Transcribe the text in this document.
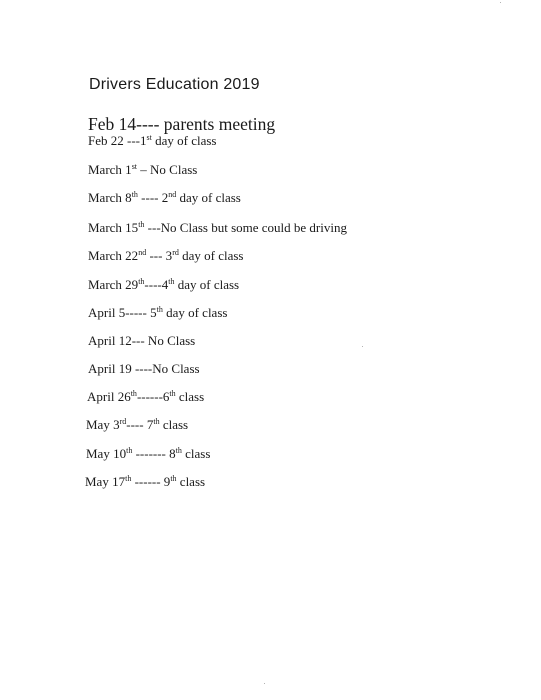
Drivers Education 2019
Feb 14---- parents meeting
Feb 22 ---1st day of class
March 1st – No Class
March 8th ---- 2nd day of class
March 15th ---No Class but some could be driving
March 22nd --- 3rd day of class
March 29th----4th day of class
April 5----- 5th day of class
April 12--- No Class
April 19 ----No Class
April 26th------6th class
May 3rd---- 7th class
May 10th ------- 8th class
May 17th ------ 9th class
